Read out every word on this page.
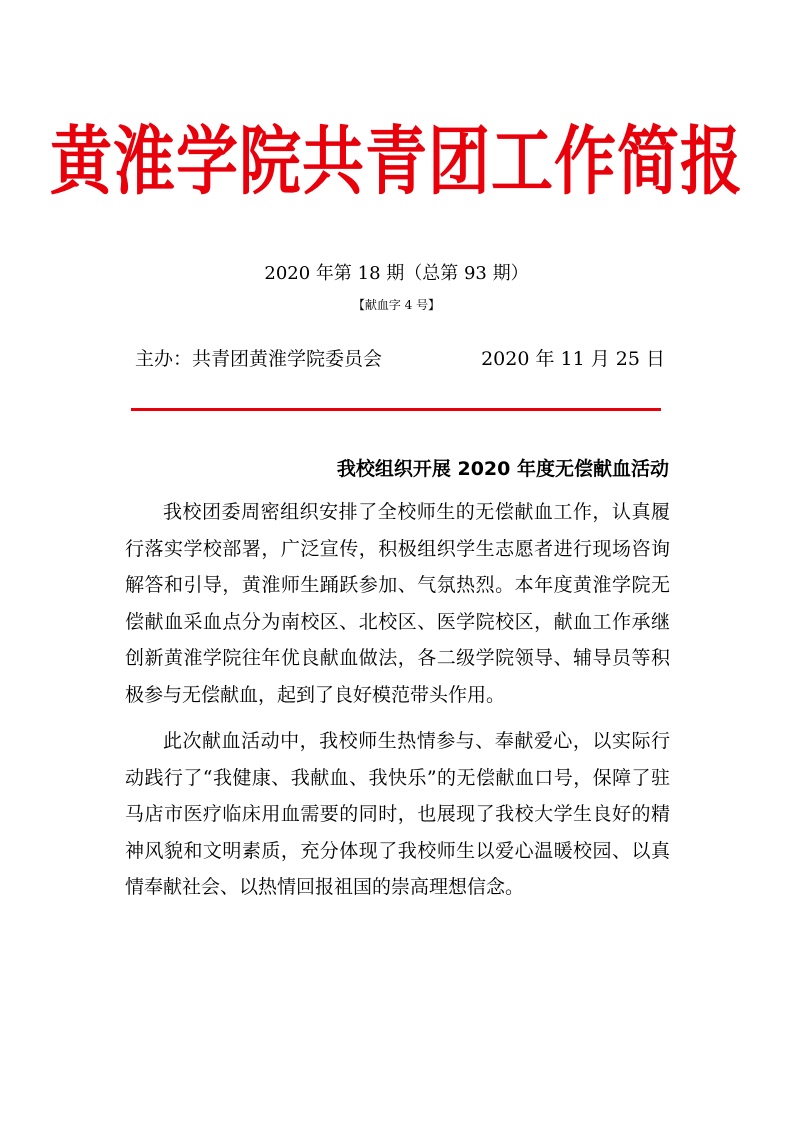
黄淮学院共青团工作简报
2020 年第 18 期（总第 93 期）
【献血字 4 号】
主办：共青团黄淮学院委员会	2020 年 11 月 25 日
我校组织开展 2020 年度无偿献血活动

我校团委周密组织安排了全校师生的无偿献血工作，认真履行落实学校部署，广泛宣传，积极组织学生志愿者进行现场咨询解答和引导，黄淮师生踊跃参加、气氛热烈。本年度黄淮学院无偿献血采血点分为南校区、北校区、医学院校区，献血工作承继创新黄淮学院往年优良献血做法，各二级学院领导、辅导员等积极参与无偿献血，起到了良好模范带头作用。

此次献血活动中，我校师生热情参与、奉献爱心，以实际行动践行了“我健康、我献血、我快乐”的无偿献血口号，保障了驻马店市医疗临床用血需要的同时，也展现了我校大学生良好的精神风貌和文明素质，充分体现了我校师生以爱心温暖校园、以真情奉献社会、以热情回报祖国的崇高理想信念。
